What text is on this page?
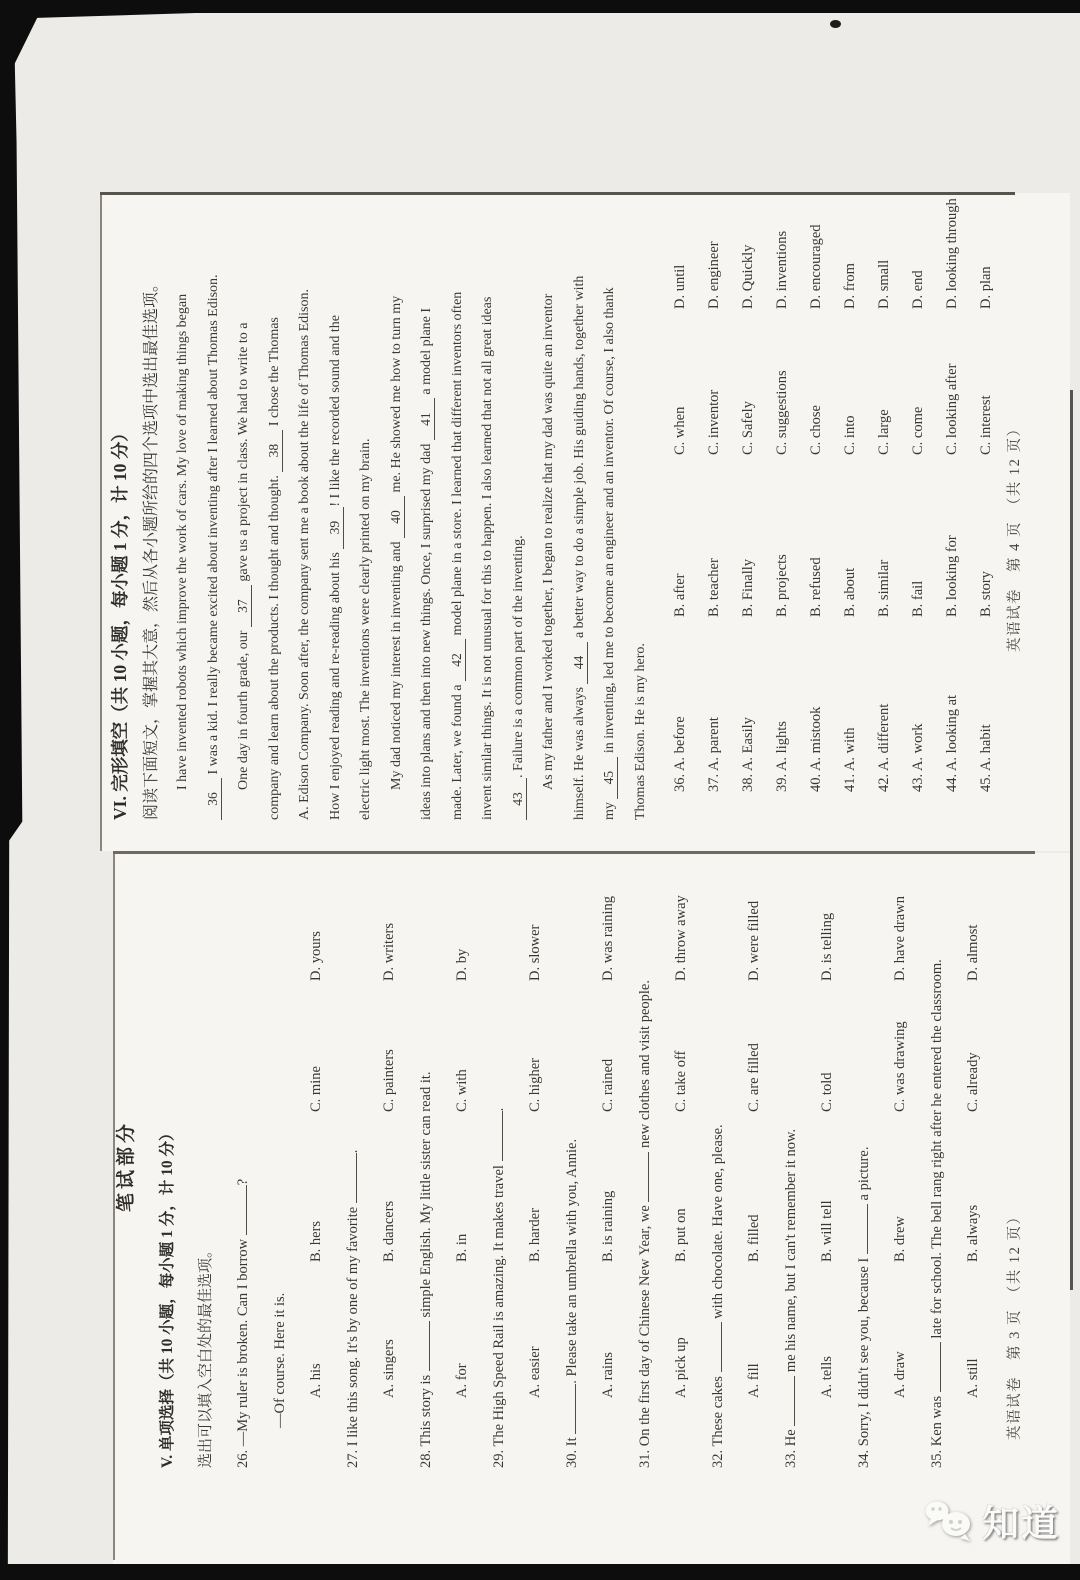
笔试部分	V. 单项选择（共 10 小题，每小题 1 分，计 10 分）	选出可以填入空白处的最佳选项。	26. —My ruler is broken. Can I borrow ?
—Of course. Here it is.	A. his
B. hers
C. mine
D. yours
27. I like this song. It's by one of my favorite .
A. singers
B. dancers
C. painters
D. writers
28. This story is  simple English. My little sister can read it.
A. for
B. in
C. with
D. by
29. The High Speed Rail is amazing. It makes travel .
A. easier
B. harder
C. higher
D. slower
30. It . Please take an umbrella with you, Annie.	A. rains
B. is raining
C. rained
D. was raining
31. On the first day of Chinese New Year, we  new clothes and visit people.
A. pick up
B. put on
C. take off
D. throw away
32. These cakes  with chocolate. Have one, please.
A. fill
B. filled
C. are filled
D. were filled
33. He  me his name, but I can't remember it now.
A. tells
B. will tell
C. told
D. is telling
34. Sorry, I didn't see you, because I  a picture.
A. draw
B. drew
C. was drawing
D. have drawn
35. Ken was  late for school. The bell rang right after he entered the classroom.
A. still
B. always
C. already
D. almost
英语试卷　第 3 页　（共 12 页）
VI. 完形填空（共 10 小题，每小题 1 分，计 10 分） 阅读下面短文，掌握其大意，然后从各小题所给的四个选项中选出最佳选项。	I have invented robots which improve the work of cars. My love of making things began
36 I was a kid. I really became excited about inventing after I learned about Thomas Edison.	One day in fourth grade, our 37 gave us a project in class. We had to write to a
company and learn about the products. I thought and thought. 38 I chose the Thomas	A. Edison Company. Soon after, the company sent me a book about the life of Thomas Edison.	How I enjoyed reading and re-reading about his 39! I like the recorded sound and the
electric light most. The inventions were clearly printed on my brain.	My dad noticed my interest in inventing and 40 me. He showed me how to turn my
ideas into plans and then into new things. Once, I surprised my dad 41 a model plane I
made. Later, we found a 42 model plane in a store. I learned that different inventors often	invent similar things. It is not unusual for this to happen. I also learned that not all great ideas	43. Failure is a common part of the inventing.	As my father and I worked together, I began to realize that my dad was quite an inventor	himself. He was always 44 a better way to do a simple job. His guiding hands, together with
my 45 in inventing, led me to become an engineer and an inventor. Of course, I also thank	Thomas Edison. He is my hero.	36. A. before
B. after
C. when
D. until
37. A. parent
B. teacher
C. inventor
D. engineer
38. A. Easily
B. Finally
C. Safely
D. Quickly
39. A. lights
B. projects
C. suggestions
D. inventions
40. A. mistook
B. refused
C. chose
D. encouraged
41. A. with
B. about
C. into
D. from
42. A. different
B. similar
C. large
D. small
43. A. work
B. fail
C. come
D. end
44. A. looking at
B. looking for
C. looking after
D. looking through
45. A. habit
B. story
C. interest
D. plan
英语试卷　第 4 页　（共 12 页）
知道
